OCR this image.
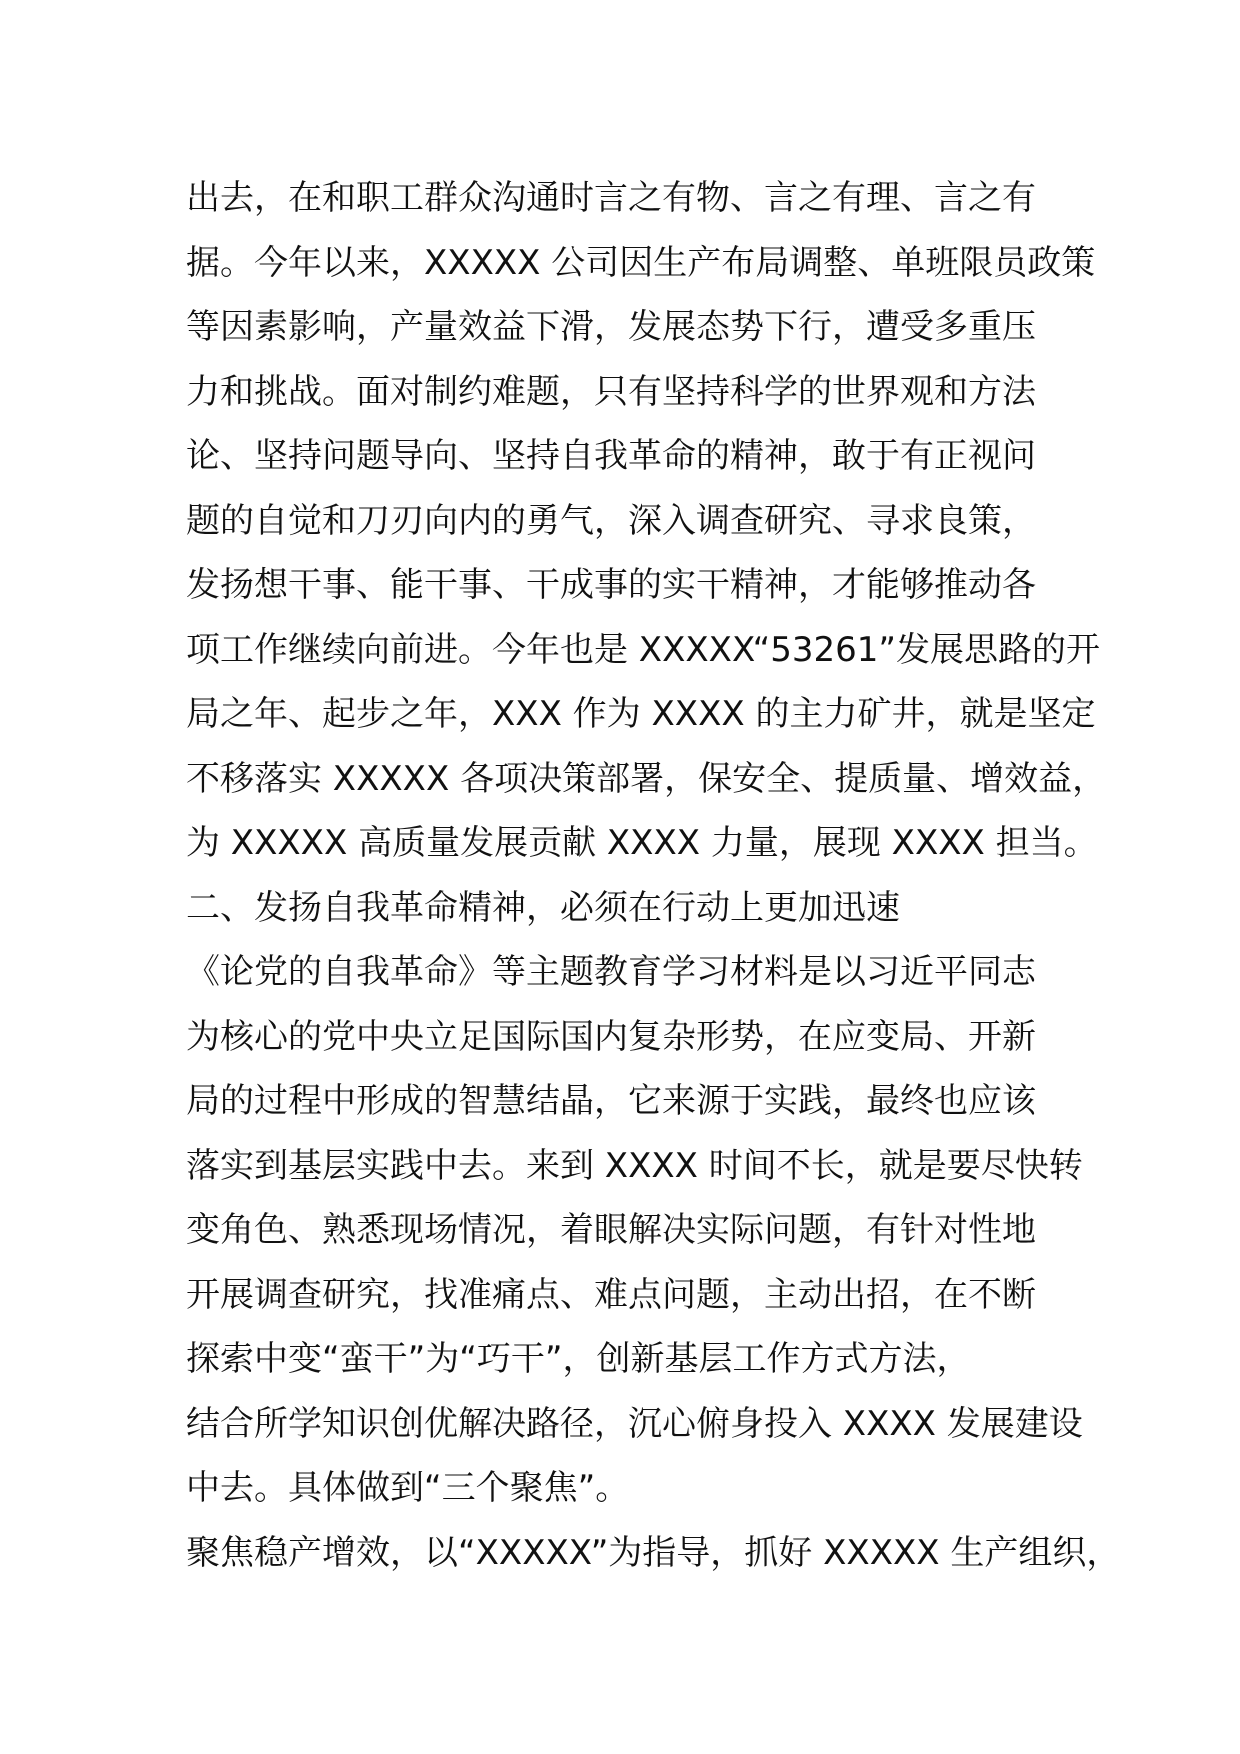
出去，在和职工群众沟通时言之有物、言之有理、言之有
据。今年以来，XXXXX 公司因生产布局调整、单班限员政策
等因素影响，产量效益下滑，发展态势下行，遭受多重压
力和挑战。面对制约难题，只有坚持科学的世界观和方法
论、坚持问题导向、坚持自我革命的精神，敢于有正视问
题的自觉和刀刃向内的勇气，深入调查研究、寻求良策，
发扬想干事、能干事、干成事的实干精神，才能够推动各
项工作继续向前进。今年也是 XXXXX“53261”发展思路的开
局之年、起步之年，XXX 作为 XXXX 的主力矿井，就是坚定
不移落实 XXXXX 各项决策部署，保安全、提质量、增效益，
为 XXXXX 高质量发展贡献 XXXX 力量，展现 XXXX 担当。
二、发扬自我革命精神，必须在行动上更加迅速
《论党的自我革命》等主题教育学习材料是以习近平同志
为核心的党中央立足国际国内复杂形势，在应变局、开新
局的过程中形成的智慧结晶，它来源于实践，最终也应该
落实到基层实践中去。来到 XXXX 时间不长，就是要尽快转
变角色、熟悉现场情况，着眼解决实际问题，有针对性地
开展调查研究，找准痛点、难点问题，主动出招，在不断
探索中变“蛮干”为“巧干”，创新基层工作方式方法，
结合所学知识创优解决路径，沉心俯身投入 XXXX 发展建设
中去。具体做到“三个聚焦”。
聚焦稳产增效，以“XXXXX”为指导，抓好 XXXXX 生产组织，
